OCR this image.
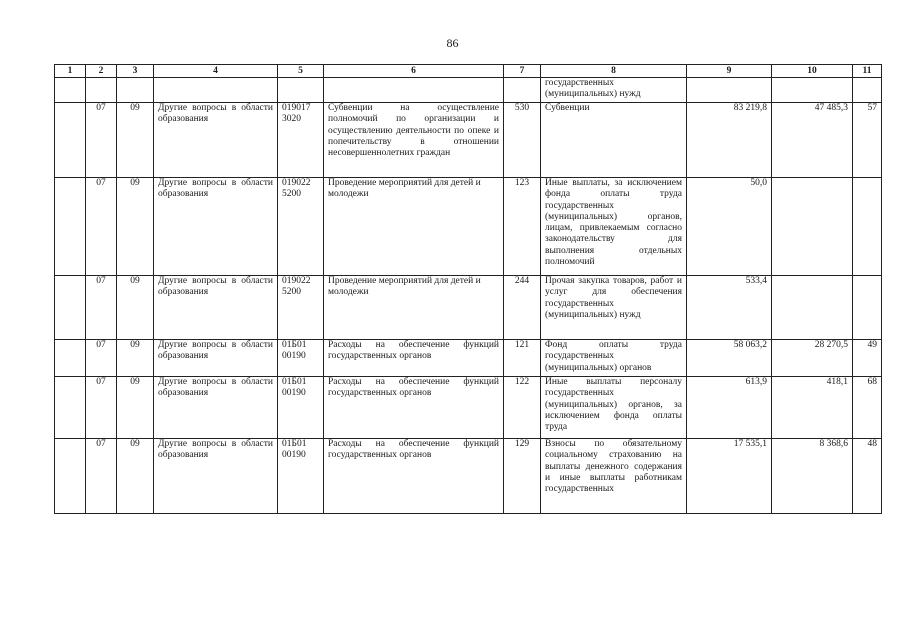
86
1	2	3	4	5	6	7	8	9	10	11
							государственных (муниципальных) нужд			
	07	09	Другие вопросы в области образования	019017 3020	Субвенции на осуществление полномочий по организации и осуществлению деятельности по опеке и попечительству в отношении несовершеннолетних граждан	530	Субвенции	83 219,8	47 485,3	57
	07	09	Другие вопросы в области образования	019022 5200	Проведение мероприятий для детей и молодежи	123	Иные выплаты, за исключением фонда оплаты труда государственных (муниципальных) органов, лицам, привлекаемым согласно законодательству для выполнения отдельных полномочий	50,0		
	07	09	Другие вопросы в области образования	019022 5200	Проведение мероприятий для детей и молодежи	244	Прочая закупка товаров, работ и услуг для обеспечения государственных (муниципальных) нужд	533,4		
	07	09	Другие вопросы в области образования	01Б01 00190	Расходы на обеспечение функций государственных органов	121	Фонд оплаты труда государственных (муниципальных) органов	58 063,2	28 270,5	49
	07	09	Другие вопросы в области образования	01Б01 00190	Расходы на обеспечение функций государственных органов	122	Иные выплаты персоналу государственных (муниципальных) органов, за исключением фонда оплаты труда	613,9	418,1	68
	07	09	Другие вопросы в области образования	01Б01 00190	Расходы на обеспечение функций государственных органов	129	Взносы по обязательному социальному страхованию на выплаты денежного содержания и иные выплаты работникам государственных	17 535,1	8 368,6	48
